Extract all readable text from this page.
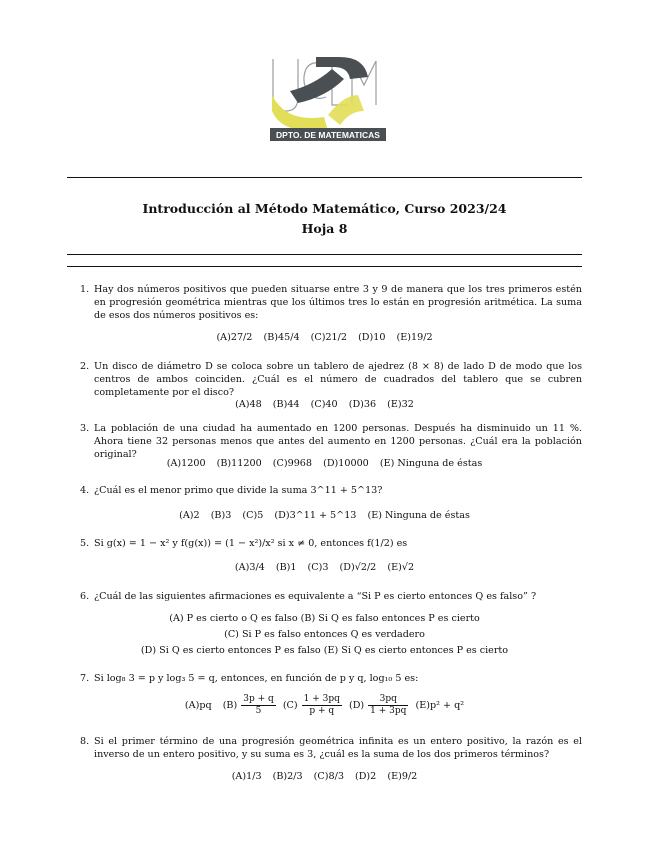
DPTO. DE MATEMATICAS
Introducción al Método Matemático, Curso 2023/24
Hoja 8
1. Hay dos números positivos que pueden situarse entre 3 y 9 de manera que los tres primeros estén en progresión geométrica mientras que los últimos tres lo están en progresión aritmética. La suma de esos dos números positivos es:
(A)27/2 (B)45/4 (C)21/2 (D)10 (E)19/2
2. Un disco de diámetro D se coloca sobre un tablero de ajedrez (8 × 8) de lado D de modo que los centros de ambos coinciden. ¿Cuál es el número de cuadrados del tablero que se cubren completamente por el disco?
(A)48 (B)44 (C)40 (D)36 (E)32
3. La población de una ciudad ha aumentado en 1200 personas. Después ha disminuido un 11 %. Ahora tiene 32 personas menos que antes del aumento en 1200 personas. ¿Cuál era la población original?
(A)1200 (B)11200 (C)9968 (D)10000 (E) Ninguna de éstas
4. ¿Cuál es el menor primo que divide la suma 3^11 + 5^13?
(A)2 (B)3 (C)5 (D)3^11 + 5^13 (E) Ninguna de éstas
5. Si g(x) = 1 − x² y f(g(x)) = (1 − x²)/x² si x ≠ 0, entonces f(1/2) es
(A)3/4 (B)1 (C)3 (D)√2/2 (E)√2
6. ¿Cuál de las siguientes afirmaciones es equivalente a “Si P es cierto entonces Q es falso” ?
(A) P es cierto o Q es falso (B) Si Q es falso entonces P es cierto
(C) Si P es falso entonces Q es verdadero
(D) Si Q es cierto entonces P es falso (E) Si Q es cierto entonces P es cierto
7. Si log₈ 3 = p y log₃ 5 = q, entonces, en función de p y q, log₁₀ 5 es:
(A)pq $(B) \frac{3p + q}{5} (C) \frac{1 + 3pq}{p + q} (D) \frac{3pq}{1 + 3pq} (E)p^2 + q^2$
8. Si el primer término de una progresión geométrica infinita es un entero positivo, la razón es el inverso de un entero positivo, y su suma es 3, ¿cuál es la suma de los dos primeros términos?
(A)1/3 (B)2/3 (C)8/3 (D)2 (E)9/2
